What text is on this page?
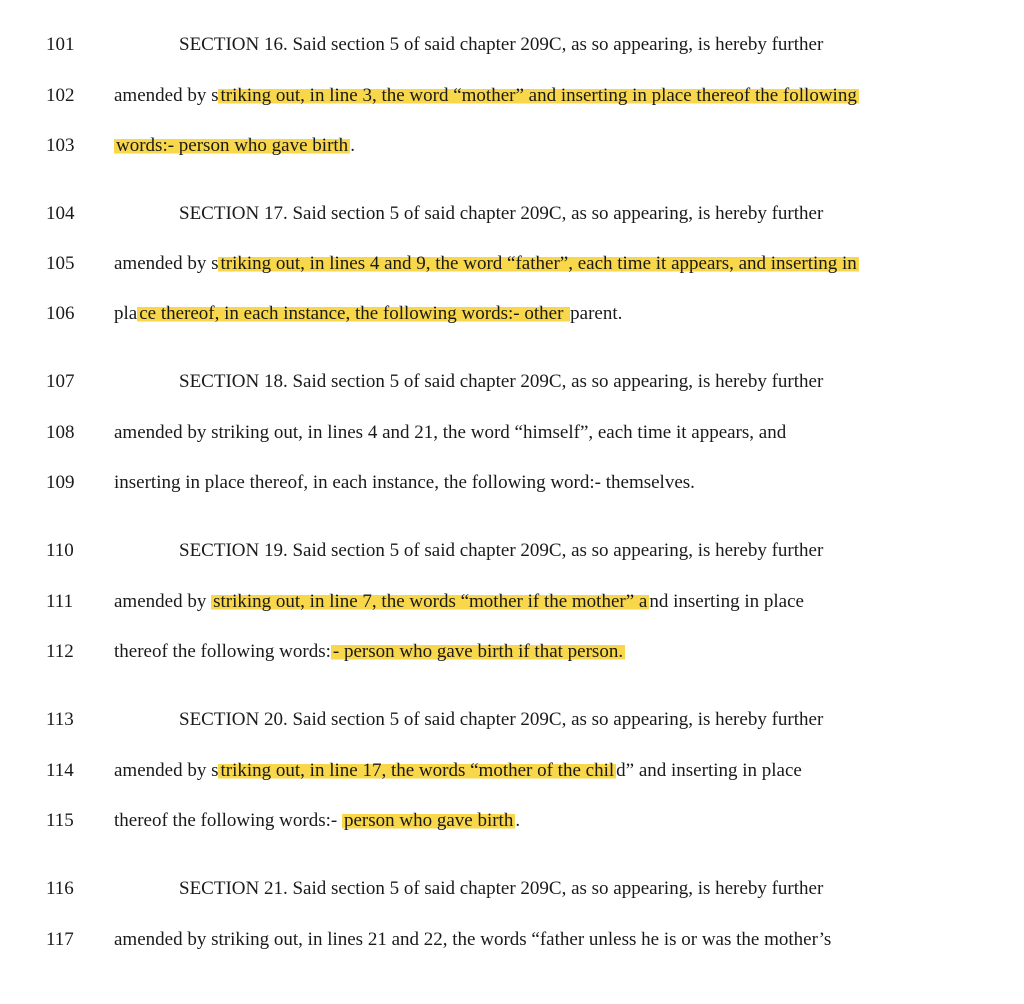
101	SECTION 16. Said section 5 of said chapter 209C, as so appearing, is hereby further
102 amended by s triking out, in line 3, the word “mother” and inserting in place thereof the following
103 words:- person who gave birth .
104	SECTION 17. Said section 5 of said chapter 209C, as so appearing, is hereby further
105 amended by s triking out, in lines 4 and 9, the word “father”, each time it appears, and inserting in
106 pla ce thereof, in each instance, the following words:- other parent.
107	SECTION 18. Said section 5 of said chapter 209C, as so appearing, is hereby further
108 amended by striking out, in lines 4 and 21, the word “himself”, each time it appears, and
109 inserting in place thereof, in each instance, the following word:- themselves.
110	SECTION 19. Said section 5 of said chapter 209C, as so appearing, is hereby further
111 amended by striking out, in line 7, the words “mother if the mother” a nd inserting in place
112 thereof the following words: - person who gave birth if that person.
113	SECTION 20. Said section 5 of said chapter 209C, as so appearing, is hereby further
114 amended by s triking out, in line 17, the words “mother of the chil d” and inserting in place
115 thereof the following words:- person who gave birth .
116	SECTION 21. Said section 5 of said chapter 209C, as so appearing, is hereby further
117 amended by striking out, in lines 21 and 22, the words “father unless he is or was the mother’s
